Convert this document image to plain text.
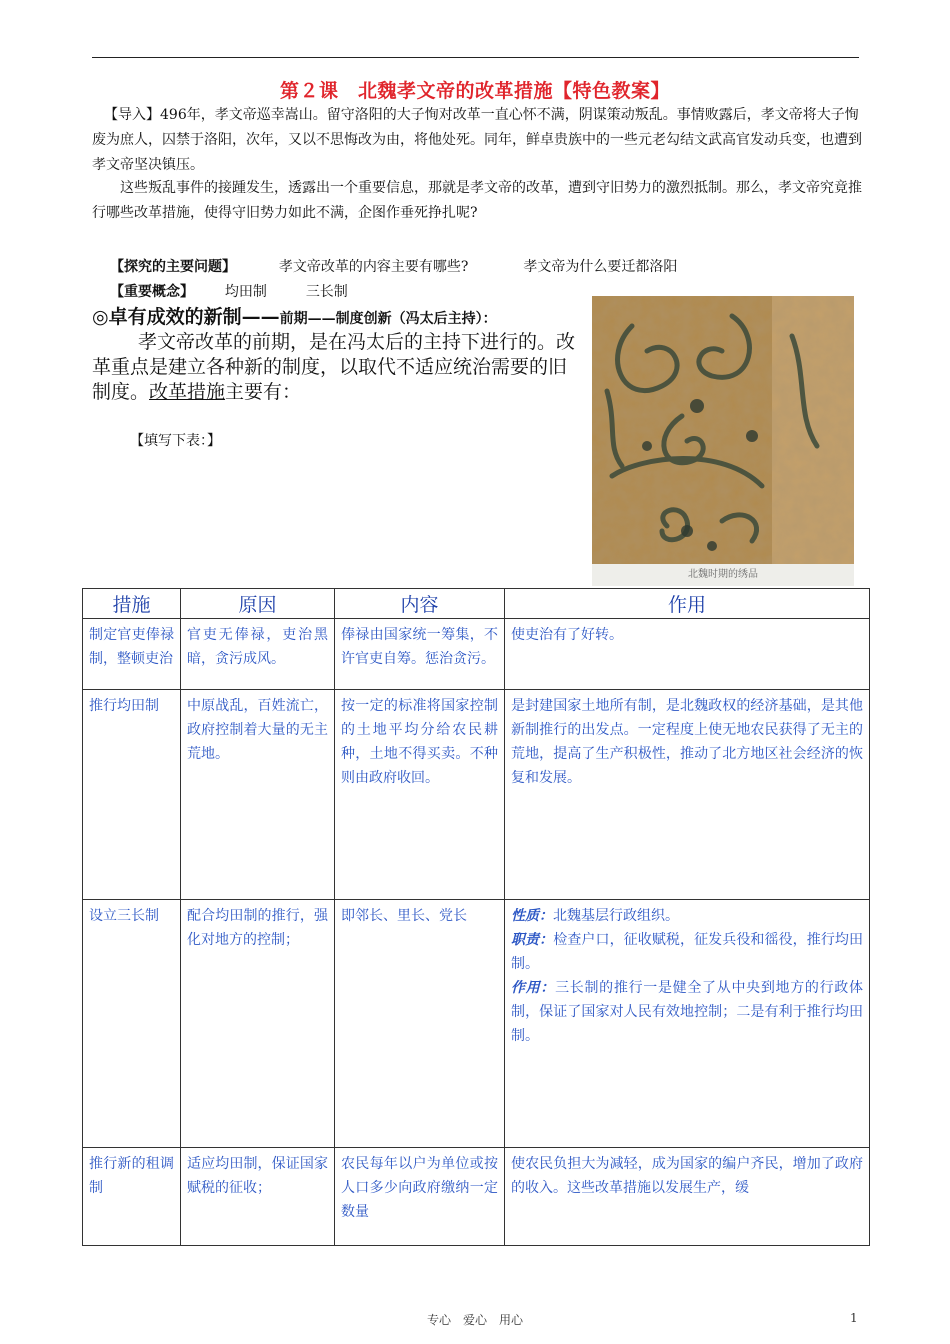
第２课　北魏孝文帝的改革措施【特色教案】
【导入】496年，孝文帝巡幸嵩山。留守洛阳的大子恂对改革一直心怀不满，阴谋策动叛乱。事情败露后，孝文帝将大子恂废为庶人，囚禁于洛阳，次年，又以不思悔改为由，将他处死。同年，鲜卓贵族中的一些元老勾结文武高官发动兵变，也遭到孝文帝坚决镇压。
这些叛乱事件的接踵发生，透露出一个重要信息，那就是孝文帝的改革，遭到守旧势力的激烈抵制。那么，孝文帝究竟推行哪些改革措施，使得守旧势力如此不满，企图作垂死挣扎呢?
【探究的主要问题】	孝文帝改革的内容主要有哪些?	孝文帝为什么要迁都洛阳
【重要概念】 均田制	三长制
◎卓有成效的新制——前期——制度创新（冯太后主持）：
孝文帝改革的前期，是在冯太后的主持下进行的。改革重点是建立各种新的制度，以取代不适应统治需要的旧制度。改革措施主要有：
【填写下表：】
北魏时期的绣品
措施	原因	内容	作用
制定官吏俸禄制，整顿吏治	官吏无俸禄，吏治黑暗，贪污成风。	俸禄由国家统一筹集，不许官吏自筹。惩治贪污。	使吏治有了好转。
推行均田制	中原战乱，百姓流亡，政府控制着大量的无主荒地。	按一定的标准将国家控制的土地平均分给农民耕种，土地不得买卖。不种则由政府收回。	是封建国家土地所有制，是北魏政权的经济基础，是其他新制推行的出发点。一定程度上使无地农民获得了无主的荒地，提高了生产积极性，推动了北方地区社会经济的恢复和发展。
设立三长制	配合均田制的推行，强化对地方的控制；	即邻长、里长、党长	性质：北魏基层行政组织。
职责：检查户口，征收赋税，征发兵役和徭役，推行均田制。
作用：三长制的推行一是健全了从中央到地方的行政体制，保证了国家对人民有效地控制；二是有利于推行均田制。
推行新的租调制	适应均田制，保证国家赋税的征收；	农民每年以户为单位或按人口多少向政府缴纳一定数量	使农民负担大为减轻，成为国家的编户齐民，增加了政府的收入。这些改革措施以发展生产，缓
专心　爱心　用心	1
